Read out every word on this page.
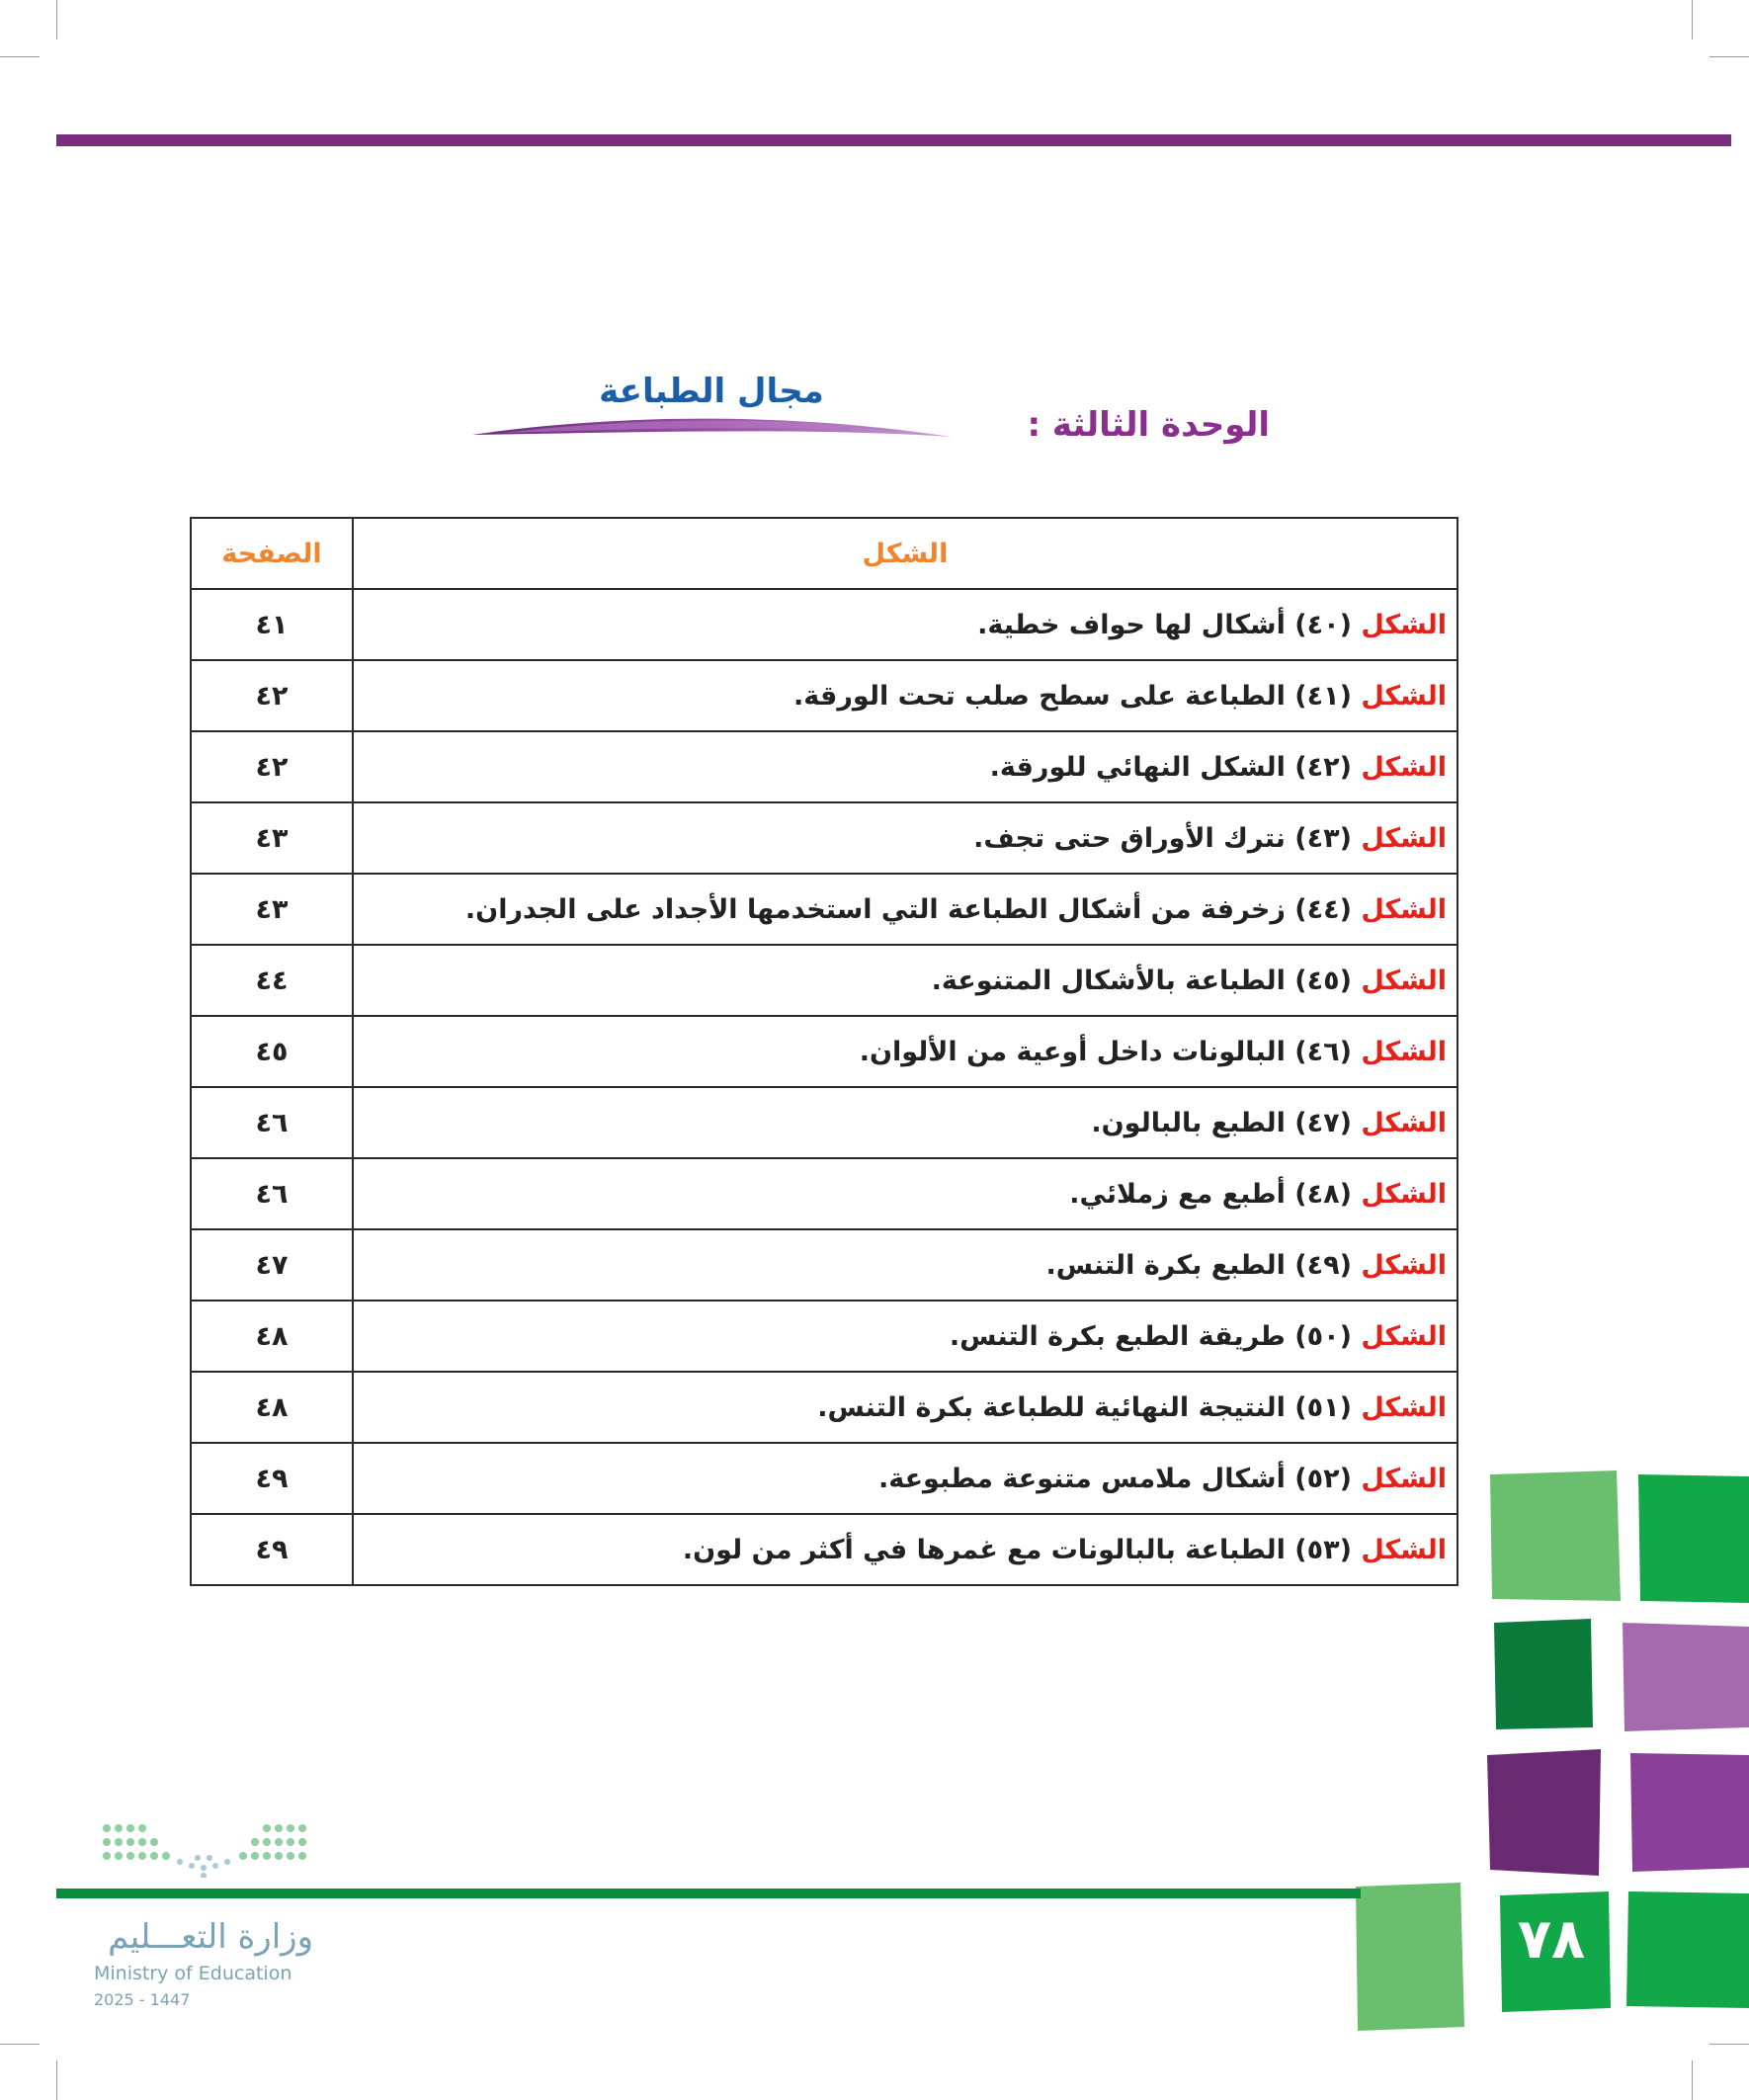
الوحدة الثالثة :
مجال الطباعة
الشكل	الصفحة
الشكل (٤٠) أشكال لها حواف خطية.	٤١
الشكل (٤١) الطباعة على سطح صلب تحت الورقة.	٤٢
الشكل (٤٢) الشكل النهائي للورقة.	٤٢
الشكل (٤٣) نترك الأوراق حتى تجف.	٤٣
الشكل (٤٤) زخرفة من أشكال الطباعة التي استخدمها الأجداد على الجدران.	٤٣
الشكل (٤٥) الطباعة بالأشكال المتنوعة.	٤٤
الشكل (٤٦) البالونات داخل أوعية من الألوان.	٤٥
الشكل (٤٧) الطبع بالبالون.	٤٦
الشكل (٤٨) أطبع مع زملائي.	٤٦
الشكل (٤٩) الطبع بكرة التنس.	٤٧
الشكل (٥٠) طريقة الطبع بكرة التنس.	٤٨
الشكل (٥١) النتيجة النهائية للطباعة بكرة التنس.	٤٨
الشكل (٥٢) أشكال ملامس متنوعة مطبوعة.	٤٩
الشكل (٥٣) الطباعة بالبالونات مع غمرها في أكثر من لون.	٤٩
٧٨
وزارة التعـــليم
Ministry of Education
2025 - 1447
